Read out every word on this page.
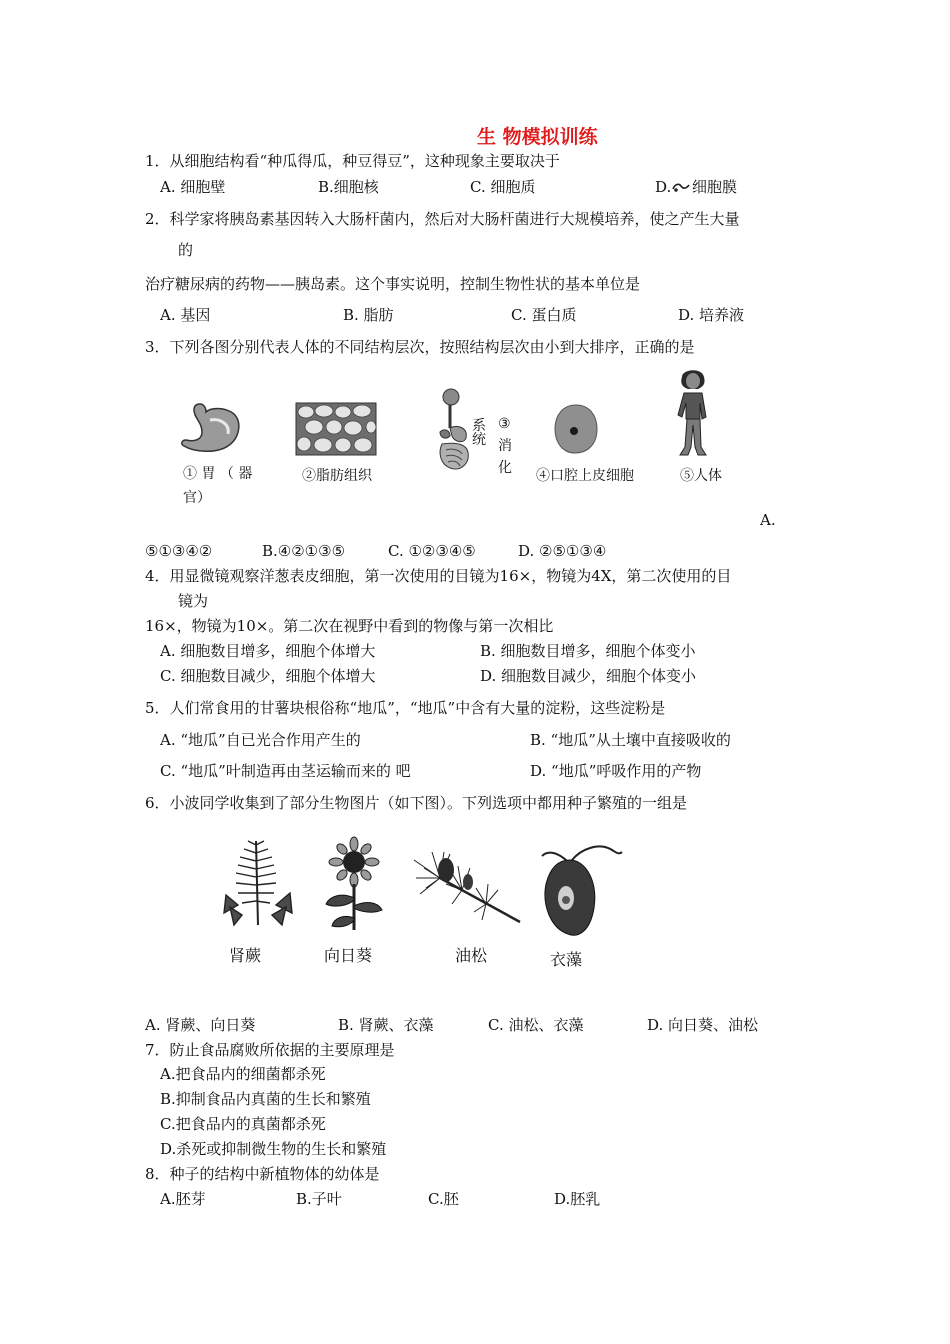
生 物模拟训练
1．从细胞结构看“种瓜得瓜，种豆得豆”，这种现象主要取决于
A. 细胞壁	B.细胞核	C. 细胞质	D. 细胞膜
2．科学家将胰岛素基因转入大肠杆菌内，然后对大肠杆菌进行大规模培养，使之产生大量
的
治疗糖尿病的药物——胰岛素。这个事实说明，控制生物性状的基本单位是
A. 基因	B. 脂肪	C. 蛋白质	D. 培养液
3．下列各图分别代表人体的不同结构层次，按照结构层次由小到大排序，正确的是
① 胃 （ 器
官）
②脂肪组织
系
统
③
消
化 ④口腔上皮细胞	⑤人体
A.
⑤①③④②	B.④②①③⑤	C. ①②③④⑤	D. ②⑤①③④
4．用显微镜观察洋葱表皮细胞，第一次使用的目镜为16×，物镜为4X，第二次使用的目
镜为
16×，物镜为10×。第二次在视野中看到的物像与第一次相比
A. 细胞数目增多，细胞个体增大	B. 细胞数目增多，细胞个体变小
C. 细胞数目减少，细胞个体增大	D. 细胞数目减少，细胞个体变小
5．人们常食用的甘薯块根俗称“地瓜”，“地瓜”中含有大量的淀粉，这些淀粉是
A. “地瓜”自已光合作用产生的	B. “地瓜”从土壤中直接吸收的
C. “地瓜”叶制造再由茎运输而来的 吧	D. “地瓜”呼吸作用的产物
6．小波同学收集到了部分生物图片（如下图）。下列选项中都用种子繁殖的一组是
肾蕨	向日葵	油松	衣藻
A. 肾蕨、向日葵	B. 肾蕨、衣藻	C. 油松、衣藻	D. 向日葵、油松
7．防止食品腐败所依据的主要原理是
A.把食品内的细菌都杀死
B.抑制食品内真菌的生长和繁殖
C.把食品内的真菌都杀死
D.杀死或抑制微生物的生长和繁殖
8．种子的结构中新植物体的幼体是
A.胚芽	B.子叶	C.胚	D.胚乳
